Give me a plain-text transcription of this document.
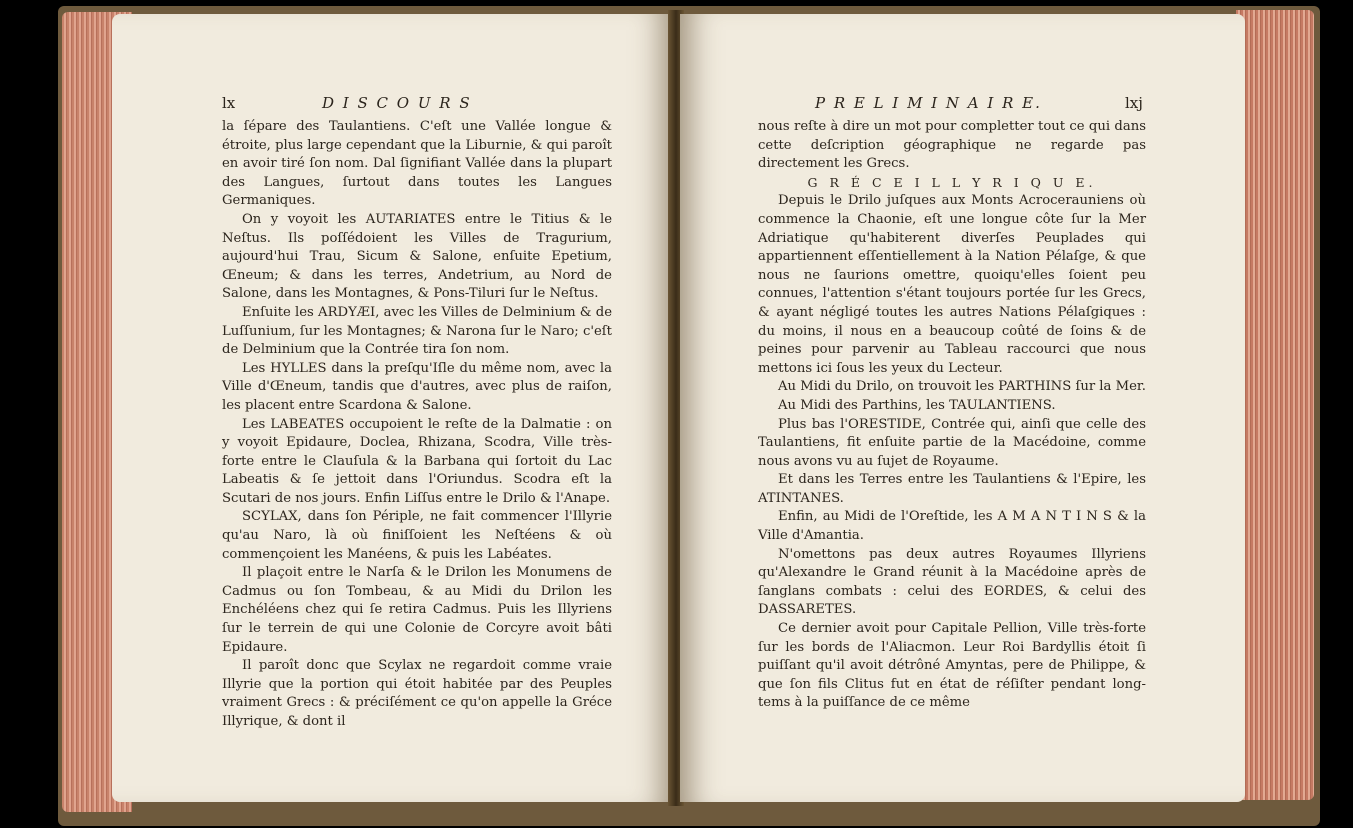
lx	D I S C O U R S

la ſépare des Taulantiens. C'eſt une Vallée longue & étroite, plus large cependant que la Liburnie, & qui paroît en avoir tiré ſon nom. Dal ſignifiant Vallée dans la plupart des Langues, ſurtout dans toutes les Langues Germaniques.

On y voyoit les AUTARIATES entre le Titius & le Neſtus. Ils poſſédoient les Villes de Tragurium, aujourd'hui Trau, Sicum & Salone, enſuite Epetium, Œneum; & dans les terres, Andetrium, au Nord de Salone, dans les Montagnes, & Pons-Tiluri ſur le Neſtus.

Enſuite les ARDYÆI, avec les Villes de Delminium & de Luſſunium, ſur les Montagnes; & Narona ſur le Naro; c'eſt de Delminium que la Contrée tira ſon nom.

Les HYLLES dans la preſqu'Iſle du même nom, avec la Ville d'Œneum, tandis que d'autres, avec plus de raiſon, les placent entre Scardona & Salone.

Les LABEATES occupoient le reſte de la Dalmatie : on y voyoit Epidaure, Doclea, Rhizana, Scodra, Ville très-forte entre le Clauſula & la Barbana qui ſortoit du Lac Labeatis & ſe jettoit dans l'Oriundus. Scodra eſt la Scutari de nos jours. Enfin Liſſus entre le Drilo & l'Anape.

SCYLAX, dans ſon Périple, ne fait commencer l'Illyrie qu'au Naro, là où finiſſoient les Neſtéens & où commençoient les Manéens, & puis les Labéates.

Il plaçoit entre le Narſa & le Drilon les Monumens de Cadmus ou ſon Tombeau, & au Midi du Drilon les Enchéléens chez qui ſe retira Cadmus. Puis les Illyriens ſur le terrein de qui une Colonie de Corcyre avoit bâti Epidaure.

Il paroît donc que Scylax ne regardoit comme vraie Illyrie que la portion qui étoit habitée par des Peuples vraiment Grecs : & préciſément ce qu'on appelle la Gréce Illyrique, & dont il

P R E L I M I N A I R E.	lxj

nous reſte à dire un mot pour completter tout ce qui dans cette deſcription géographique ne regarde pas directement les Grecs.

G R É C E I L L Y R I Q U E.

Depuis le Drilo juſques aux Monts Acrocerauniens où commence la Chaonie, eſt une longue côte ſur la Mer Adriatique qu'habiterent diverſes Peuplades qui appartiennent eſſentiellement à la Nation Pélaſge, & que nous ne ſaurions omettre, quoiqu'elles ſoient peu connues, l'attention s'étant toujours portée ſur les Grecs, & ayant négligé toutes les autres Nations Pélaſgiques : du moins, il nous en a beaucoup coûté de ſoins & de peines pour parvenir au Tableau raccourci que nous mettons ici ſous les yeux du Lecteur.

Au Midi du Drilo, on trouvoit les PARTHINS ſur la Mer.

Au Midi des Parthins, les TAULANTIENS.

Plus bas l'ORESTIDE, Contrée qui, ainſi que celle des Taulantiens, fit enſuite partie de la Macédoine, comme nous avons vu au ſujet de Royaume.

Et dans les Terres entre les Taulantiens & l'Epire, les ATINTANES.

Enfin, au Midi de l'Oreſtide, les A M A N T I N S & la Ville d'Amantia.

N'omettons pas deux autres Royaumes Illyriens qu'Alexandre le Grand réunit à la Macédoine après de ſanglans combats : celui des EORDES, & celui des DASSARETES.

Ce dernier avoit pour Capitale Pellion, Ville très-forte ſur les bords de l'Aliacmon. Leur Roi Bardyllis étoit ſi puiſſant qu'il avoit détrôné Amyntas, pere de Philippe, & que ſon fils Clitus fut en état de réſiſter pendant long-tems à la puiſſance de ce même
